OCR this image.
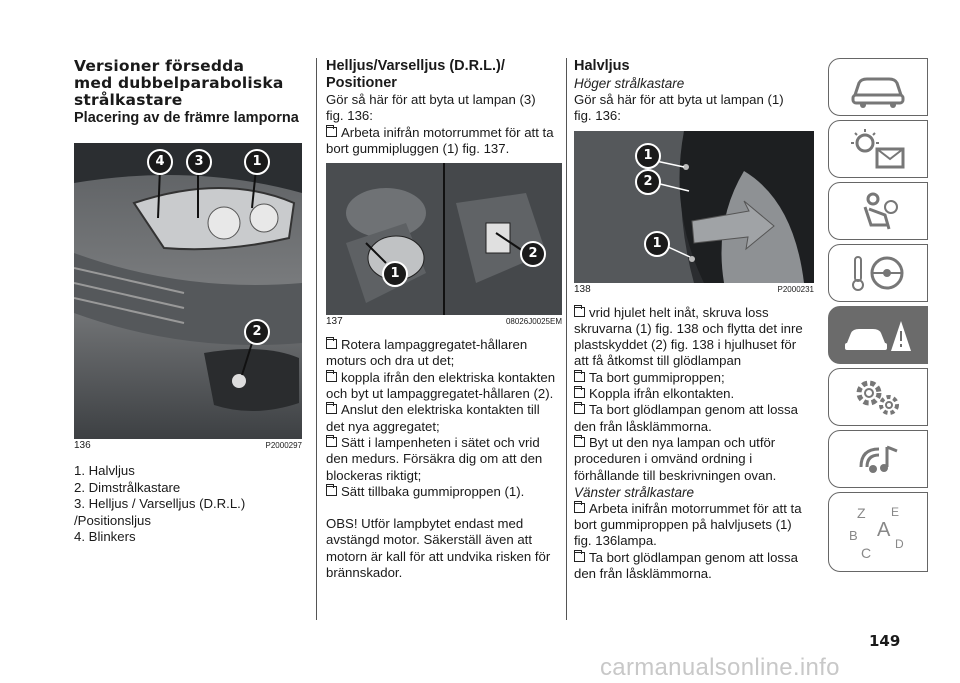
Versioner försedda
med dubbelparaboliska
strålkastare
Placering av de främre lamporna
4	3	1
2
136	P2000297

1. Halvljus

2. Dimstrålkastare

3. Helljus / Varselljus (D.R.L.)

/Positionsljus

4. Blinkers

Helljus/Varselljus (D.R.L.)/
Positioner

Gör så här för att byta ut lampan (3)

fig. 136:

Arbeta inifrån motorrummet för att ta

bort gummipluggen (1) fig. 137.

1
2
137	08026J0025EM

Rotera lampaggregatet-hållaren

moturs och dra ut det;

koppla ifrån den elektriska kontakten

och byt ut lampaggregatet-hållaren (2).

Anslut den elektriska kontakten till

det nya aggregatet;

Sätt i lampenheten i sätet och vrid

den medurs. Försäkra dig om att den

blockeras riktigt;

Sätt tillbaka gummiproppen (1).

OBS! Utför lampbytet endast med

avstängd motor. Säkerställ även att

motorn är kall för att undvika risken för

brännskador.

Halvljus
Höger strålkastare

Gör så här för att byta ut lampan (1)

fig. 136:

1
2
1
138	P2000231

vrid hjulet helt inåt, skruva loss

skruvarna (1) fig. 138 och flytta det inre

plastskyddet (2) fig. 138 i hjulhuset för

att få åtkomst till glödlampan

Ta bort gummiproppen;

Koppla ifrån elkontakten.

Ta bort glödlampan genom att lossa

den från låsklämmorna.

Byt ut den nya lampan och utför

proceduren i omvänd ordning i

förhållande till beskrivningen ovan.

Vänster strålkastare

Arbeta inifrån motorrummet för att ta

bort gummiproppen på halvljusets (1)

fig. 136lampa.

Ta bort glödlampan genom att lossa

den från låsklämmorna.

Z E
A
B
C
D
149
carmanualsonline.info
